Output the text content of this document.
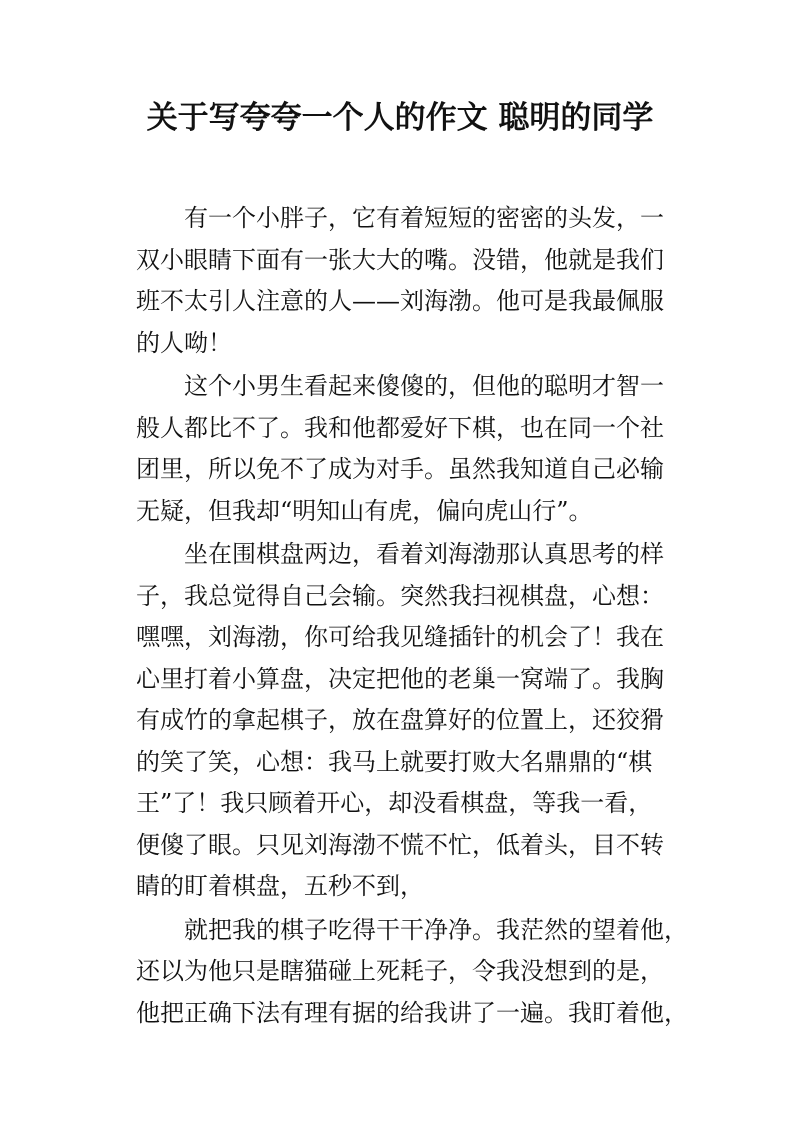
关于写夸夸一个人的作文 聪明的同学
有一个小胖子，它有着短短的密密的头发，一
双小眼睛下面有一张大大的嘴。没错，他就是我们
班不太引人注意的人——刘海渤。他可是我最佩服
的人呦！
这个小男生看起来傻傻的，但他的聪明才智一
般人都比不了。我和他都爱好下棋，也在同一个社
团里，所以免不了成为对手。虽然我知道自己必输
无疑，但我却“明知山有虎，偏向虎山行”。
坐在围棋盘两边，看着刘海渤那认真思考的样
子，我总觉得自己会输。突然我扫视棋盘，心想：
嘿嘿，刘海渤，你可给我见缝插针的机会了！我在
心里打着小算盘，决定把他的老巢一窝端了。我胸
有成竹的拿起棋子，放在盘算好的位置上，还狡猾
的笑了笑，心想：我马上就要打败大名鼎鼎的“棋
王”了！我只顾着开心，却没看棋盘，等我一看，
便傻了眼。只见刘海渤不慌不忙，低着头，目不转
睛的盯着棋盘，五秒不到，
就把我的棋子吃得干干净净。我茫然的望着他，
还以为他只是瞎猫碰上死耗子，令我没想到的是，
他把正确下法有理有据的给我讲了一遍。我盯着他，
